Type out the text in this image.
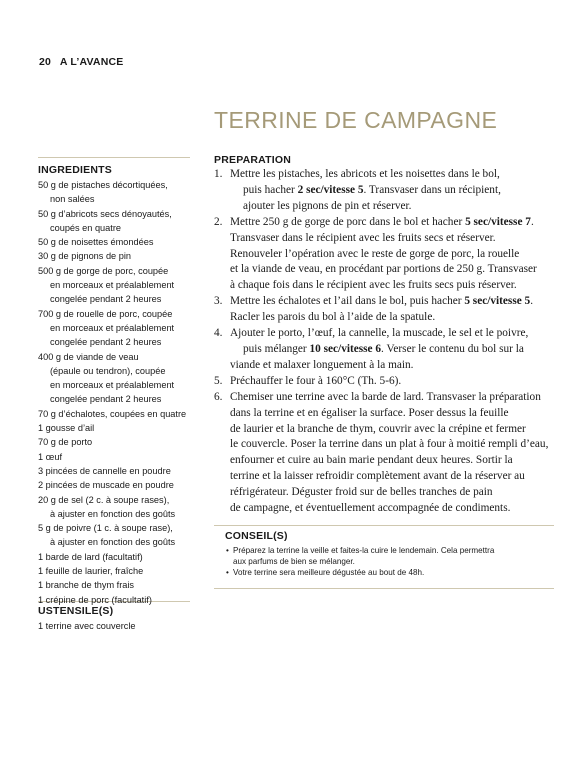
20 A L’AVANCE
TERRINE DE CAMPAGNE
INGREDIENTS
50 g de pistaches décortiquées,
non salées
50 g d’abricots secs dénoyautés,
coupés en quatre
50 g de noisettes émondées
30 g de pignons de pin
500 g de gorge de porc, coupée
en morceaux et préalablement
congelée pendant 2 heures
700 g de rouelle de porc, coupée
en morceaux et préalablement
congelée pendant 2 heures
400 g de viande de veau
(épaule ou tendron), coupée
en morceaux et préalablement
congelée pendant 2 heures
70 g d’échalotes, coupées en quatre
1 gousse d’ail
70 g de porto
1 œuf
3 pincées de cannelle en poudre
2 pincées de muscade en poudre
20 g de sel (2 c. à soupe rases),
à ajuster en fonction des goûts
5 g de poivre (1 c. à soupe rase),
à ajuster en fonction des goûts
1 barde de lard (facultatif)
1 feuille de laurier, fraîche
1 branche de thym frais
1 crépine de porc (facultatif)
USTENSILE(S)
1 terrine avec couvercle
PREPARATION
1. Mettre les pistaches, les abricots et les noisettes dans le bol,
puis hacher 2 sec/vitesse 5. Transvaser dans un récipient,
ajouter les pignons de pin et réserver.
2. Mettre 250 g de gorge de porc dans le bol et hacher 5 sec/vitesse 7.
Transvaser dans le récipient avec les fruits secs et réserver.
Renouveler l’opération avec le reste de gorge de porc, la rouelle
et la viande de veau, en procédant par portions de 250 g. Transvaser
à chaque fois dans le récipient avec les fruits secs puis réserver.
3. Mettre les échalotes et l’ail dans le bol, puis hacher 5 sec/vitesse 5.
Racler les parois du bol à l’aide de la spatule.
4. Ajouter le porto, l’œuf, la cannelle, la muscade, le sel et le poivre,
puis mélanger 10 sec/vitesse 6. Verser le contenu du bol sur la
viande et malaxer longuement à la main.
5. Préchauffer le four à 160°C (Th. 5-6).
6. Chemiser une terrine avec la barde de lard. Transvaser la préparation
dans la terrine et en égaliser la surface. Poser dessus la feuille
de laurier et la branche de thym, couvrir avec la crépine et fermer
le couvercle. Poser la terrine dans un plat à four à moitié rempli d’eau,
enfourner et cuire au bain marie pendant deux heures. Sortir la
terrine et la laisser refroidir complètement avant de la réserver au
réfrigérateur. Déguster froid sur de belles tranches de pain
de campagne, et éventuellement accompagnée de condiments.
CONSEIL(S)
• Préparez la terrine la veille et faites-la cuire le lendemain. Cela permettra
aux parfums de bien se mélanger.
• Votre terrine sera meilleure dégustée au bout de 48h.
